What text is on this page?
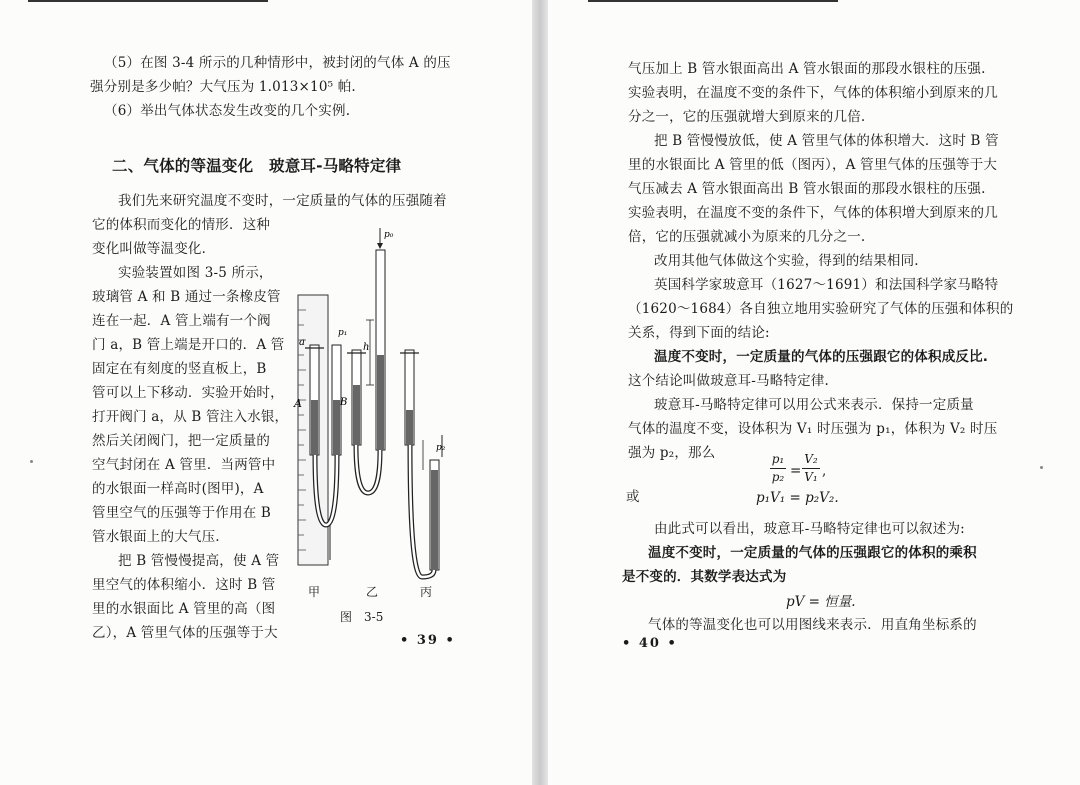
（5）在图 3-4 所示的几种情形中，被封闭的气体 A 的压
强分别是多少帕？大气压为 1.013×10⁵ 帕.
（6）举出气体状态发生改变的几个实例.
二、气体的等温变化　玻意耳-马略特定律
我们先来研究温度不变时，一定质量的气体的压强随着
它的体积而变化的情形．这种
变化叫做等温变化．
实验装置如图 3-5 所示，
玻璃管 A 和 B 通过一条橡皮管
连在一起．A 管上端有一个阀
门 a，B 管上端是开口的．A 管
固定在有刻度的竖直板上，B
管可以上下移动．实验开始时，
打开阀门 a，从 B 管注入水银，
然后关闭阀门，把一定质量的
空气封闭在 A 管里．当两管中
的水银面一样高时(图甲)，A
管里空气的压强等于作用在 B
管水银面上的大气压.
把 B 管慢慢提高，使 A 管
里空气的体积缩小．这时 B 管
里的水银面比 A 管里的高（图
乙），A 管里气体的压强等于大
a
A	B
p₁
p₀
h
p₂
甲	乙	丙
图　3-5
• 39 •
气压加上 B 管水银面高出 A 管水银面的那段水银柱的压强.
实验表明，在温度不变的条件下，气体的体积缩小到原来的几
分之一，它的压强就增大到原来的几倍.
把 B 管慢慢放低，使 A 管里气体的体积增大．这时 B 管
里的水银面比 A 管里的低（图丙），A 管里气体的压强等于大
气压减去 A 管水银面高出 B 管水银面的那段水银柱的压强.
实验表明，在温度不变的条件下，气体的体积增大到原来的几
倍，它的压强就减小为原来的几分之一.
改用其他气体做这个实验，得到的结果相同.
英国科学家玻意耳（1627～1691）和法国科学家马略特
（1620～1684）各自独立地用实验研究了气体的压强和体积的
关系，得到下面的结论:
温度不变时，一定质量的气体的压强跟它的体积成反比.
这个结论叫做玻意耳-马略特定律.
玻意耳-马略特定律可以用公式来表示．保持一定质量
气体的温度不变，设体积为 V₁ 时压强为 p₁，体积为 V₂ 时压
强为 p₂，那么	p₁
p₂ =
V₂
V₁ ,
或	p₁V₁ = p₂V₂.
由此式可以看出，玻意耳-马略特定律也可以叙述为:
温度不变时，一定质量的气体的压强跟它的体积的乘积
是不变的．其数学表达式为
pV = 恒量.
气体的等温变化也可以用图线来表示．用直角坐标系的
• 40 •
